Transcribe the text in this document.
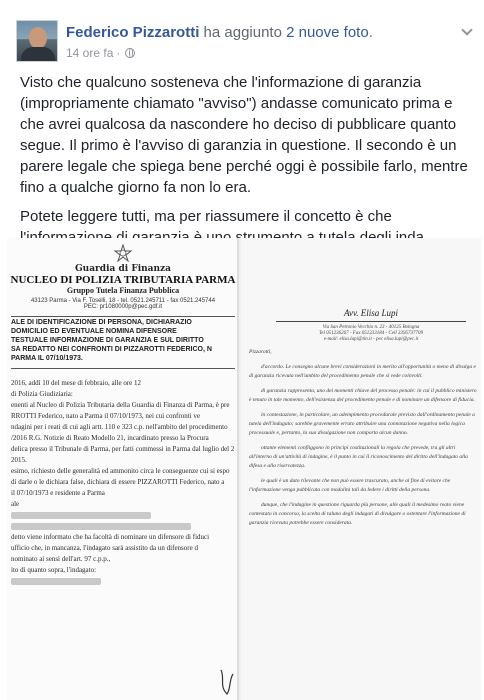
Federico Pizzarotti ha aggiunto 2 nuove foto.
14 ore fa ·

Visto che qualcuno sosteneva che l'informazione di garanzia (impropriamente chiamato "avviso") andasse comunicato prima e che avrei qualcosa da nascondere ho deciso di pubblicare quanto segue. Il primo è l'avviso di garanzia in questione. Il secondo è un parere legale che spiega bene perché oggi è possibile farlo, mentre fino a qualche giorno fa non lo era.

Potete leggere tutti, ma per riassumere il concetto è che

Guardia di Finanza
NUCLEO DI POLIZIA TRIBUTARIA PARMA
Gruppo Tutela Finanza Pubblica
43123 Parma - Via F. Toselli, 18 - tel. 0521.245711 - fax 0521.245744
PEC: pr1080000p@pec.gdf.it
ALE DI IDENTIFICAZIONE DI PERSONA, DICHIARAZIO
DOMICILIO ED EVENTUALE NOMINA DIFENSORE
TESTUALE INFORMAZIONE DI GARANZIA E SUL DIRITTO
SA REDATTO NEI CONFRONTI DI PIZZAROTTI FEDERICO, N
PARMA IL 07/10/1973.
2016, addì 10 del mese di febbraio, alle ore 12
di Polizia Giudiziaria:
enenti al Nucleo di Polizia Tributaria della Guardia di Finanza di Parma, è pre
RROTTI Federico, nato a Parma il 07/10/1973, nei cui confronti ve
ndagini per i reati di cui agli artt. 110 e 323 c.p. nell'ambito del procedimento
/2016 R.G. Notizie di Reato Modello 21, incardinato presso la Procura
delica presso il Tribunale di Parma, per fatti commessi in Parma dal luglio del 2
2015.
esimo, richiesto delle generalità ed ammonito circa le conseguenze cui si espo
di darle o le dichiara false, dichiara di essere PIZZAROTTI Federico, nato a
il 07/10/1973 e residente a Parma
ale
detto viene informato che ha facoltà di nominare un difensore di fiduci
ufficio che, in mancanza, l'indagato sarà assistito da un difensore d
nominato ai sensi dell'art. 97 c.p.p.,
ito di quanto sopra, l'indagato:
Avv. Elisa Lupi
Via San Petronio Vecchio n. 23 - 40125 Bologna
Tel 051236267 - Fax 051233184 - Cell 3395737709
e-mail: elisa.lupi@tin.it - pec elisa.lupi@pec.it

Pizzarotti,

d'accordo. Le consegno alcune brevi considerazioni in merito all'opportunità o meno di divulga e di garanzia ricevuta nell'ambito del procedimento penale che si vede coinvolti.

di garanzia rappresenta, uno dei momenti chiave del processo penale: in cui il pubblico ministero è tenuto in tale momento, dell'esistenza del procedimento penale e di nominare un difensore di fiducia.

in contestazione, in particolare, un adempimento procedurale previsto dall'ordinamento penale a tutela dell'indagato; sarebbe gravemente errato attribuire una connotazione negativa nella logica processuale e, pertanto, la sua divulgazione non comporta alcun danno.

ottante elementi confliggono in principi costituzionali la regola che prevede, tra gli altri all'interno di un'attività di indagine, è il punto in cui il riconoscimento del diritto dell'indagato alla difesa e alla riservatezza.

le quali è un dato rilevante che non può essere trascurato, anche al fine di evitare che l'informazione venga pubblicata con modalità tali da ledere i diritti della persona.

dunque, che l'indagine in questione riguarda più persone, alle quali il medesimo reato viene contestato in concorso, la scelta di taluno degli indagati di divulgare o ostentare l'informazione di garanzia ricevuta potrebbe essere considerata.
